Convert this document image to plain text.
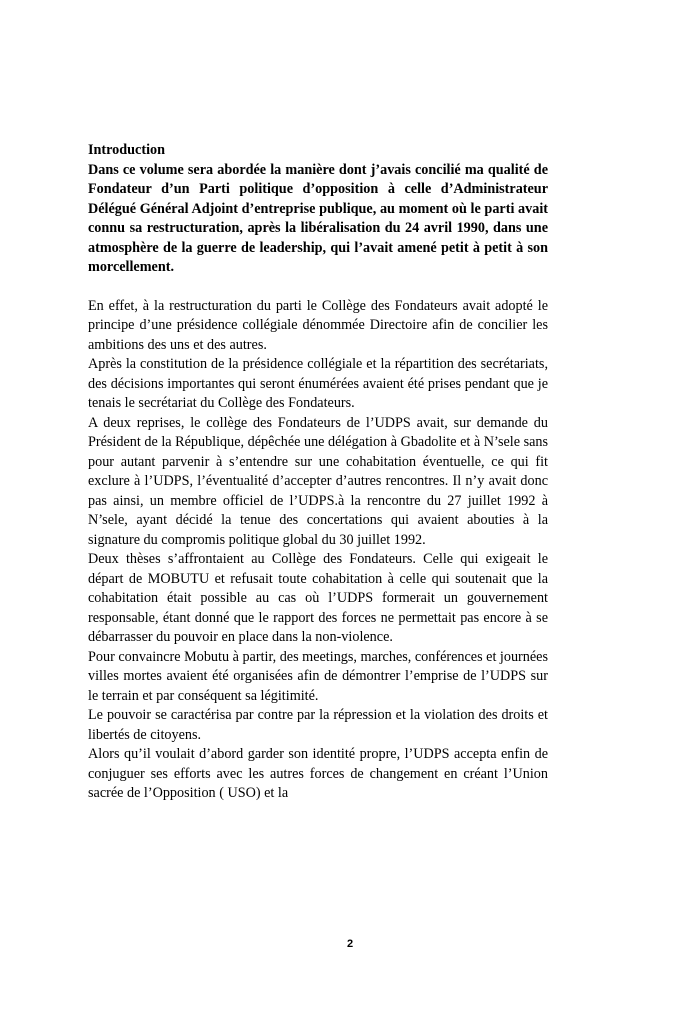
Introduction

Dans ce volume sera abordée la manière dont j’avais concilié ma qualité de Fondateur d’un Parti politique d’opposition à celle d’Administrateur Délégué Général Adjoint d’entreprise publique, au moment où le parti avait connu sa restructuration, après la libéralisation du 24 avril 1990, dans une atmosphère de la guerre de leadership, qui l’avait amené petit à petit à son morcellement.

En effet, à la restructuration du parti le Collège des Fondateurs avait adopté le principe d’une présidence collégiale dénommée Directoire afin de concilier les ambitions des uns et des autres.

Après la constitution de la présidence collégiale et la répartition des secrétariats, des décisions importantes qui seront énumérées avaient été prises pendant que je tenais le secrétariat du Collège des Fondateurs.

A deux reprises, le collège des Fondateurs de l’UDPS avait, sur demande du Président de la République, dépêchée une délégation à Gbadolite et à N’sele sans pour autant parvenir à s’entendre sur une cohabitation éventuelle, ce qui fit exclure à l’UDPS, l’éventualité d’accepter d’autres rencontres. Il n’y avait donc pas ainsi, un membre officiel de l’UDPS.à la rencontre du 27 juillet 1992 à N’sele, ayant décidé la tenue des concertations qui avaient abouties à la signature du compromis politique global du 30 juillet 1992.

Deux thèses s’affrontaient au Collège des Fondateurs. Celle qui exigeait le départ de MOBUTU et refusait toute cohabitation à celle qui soutenait que la cohabitation était possible au cas où l’UDPS formerait un gouvernement responsable, étant donné que le rapport des forces ne permettait pas encore à se débarrasser du pouvoir en place dans la non-violence.

Pour convaincre Mobutu à partir, des meetings, marches, conférences et journées villes mortes avaient été organisées afin de démontrer l’emprise de l’UDPS sur le terrain et par conséquent sa légitimité.

Le pouvoir se caractérisa par contre par la répression et la violation des droits et libertés de citoyens.

Alors qu’il voulait d’abord garder son identité propre, l’UDPS accepta enfin de conjuguer ses efforts avec les autres forces de changement en créant l’Union sacrée de l’Opposition ( USO) et la

2
